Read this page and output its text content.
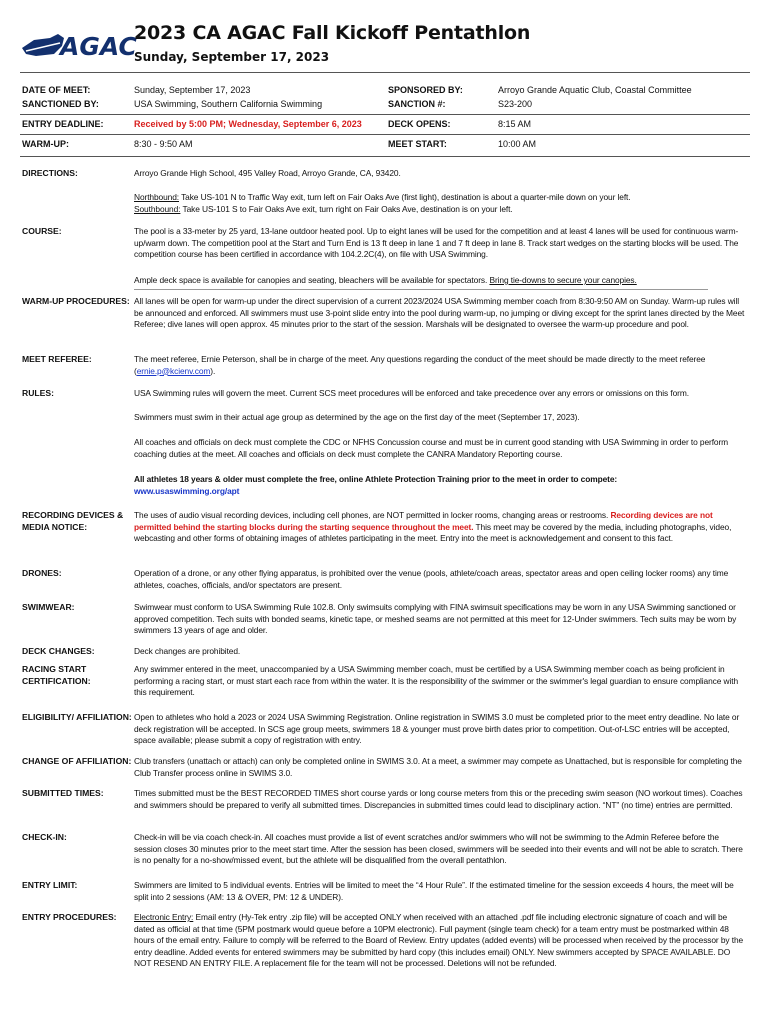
AGAC
2023 CA AGAC Fall Kickoff Pentathlon
Sunday, September 17, 2023
DATE OF MEET:	Sunday, September 17, 2023	SPONSORED BY:	Arroyo Grande Aquatic Club, Coastal Committee
SANCTIONED BY:	USA Swimming, Southern California Swimming	SANCTION #:	S23-200
ENTRY DEADLINE:	Received by 5:00 PM; Wednesday, September 6, 2023	DECK OPENS:	8:15 AM
WARM-UP:	8:30 - 9:50 AM	MEET START:	10:00 AM
DIRECTIONS:	Arroyo Grande High School, 495 Valley Road, Arroyo Grande, CA, 93420.
Northbound: Take US-101 N to Traffic Way exit, turn left on Fair Oaks Ave (first light), destination is about a quarter-mile down on your left.
Southbound: Take US-101 S to Fair Oaks Ave exit, turn right on Fair Oaks Ave, destination is on your left.
COURSE:	The pool is a 33-meter by 25 yard, 13-lane outdoor heated pool. Up to eight lanes will be used for the competition and at least 4 lanes will be used for continuous warm-up/warm down. The competition pool at the Start and Turn End is 13 ft deep in lane 1 and 7 ft deep in lane 8. Track start wedges on the starting blocks will be used. The competition course has been certified in accordance with 104.2.2C(4), on file with USA Swimming.
Ample deck space is available for canopies and seating, bleachers will be available for spectators. Bring tie-downs to secure your canopies.
WARM-UP PROCEDURES: All lanes will be open for warm-up under the direct supervision of a current 2023/2024 USA Swimming member coach from 8:30-9:50 AM on Sunday. Warm-up rules will be announced and enforced. All swimmers must use 3-point slide entry into the pool during warm-up, no jumping or diving except for the sprint lanes directed by the Meet Referee; dive lanes will open approx. 45 minutes prior to the start of the session. Marshals will be designated to oversee the warm-up procedure and pool.
MEET REFEREE:	The meet referee, Ernie Peterson, shall be in charge of the meet. Any questions regarding the conduct of the meet should be made directly to the meet referee (ernie.p@kcienv.com).
RULES:	USA Swimming rules will govern the meet. Current SCS meet procedures will be enforced and take precedence over any errors or omissions on this form.
Swimmers must swim in their actual age group as determined by the age on the first day of the meet (September 17, 2023).
All coaches and officials on deck must complete the CDC or NFHS Concussion course and must be in current good standing with USA Swimming in order to perform coaching duties at the meet. All coaches and officials on deck must complete the CANRA Mandatory Reporting course.
All athletes 18 years & older must complete the free, online Athlete Protection Training prior to the meet in order to compete:
www.usaswimming.org/apt
RECORDING DEVICES & MEDIA NOTICE:
The uses of audio visual recording devices, including cell phones, are NOT permitted in locker rooms, changing areas or restrooms. Recording devices are not permitted behind the starting blocks during the starting sequence throughout the meet. This meet may be covered by the media, including photographs, video, webcasting and other forms of obtaining images of athletes participating in the meet. Entry into the meet is acknowledgement and consent to this fact.
DRONES:	Operation of a drone, or any other flying apparatus, is prohibited over the venue (pools, athlete/coach areas, spectator areas and open ceiling locker rooms) any time athletes, coaches, officials, and/or spectators are present.
SWIMWEAR:	Swimwear must conform to USA Swimming Rule 102.8. Only swimsuits complying with FINA swimsuit specifications may be worn in any USA Swimming sanctioned or approved competition. Tech suits with bonded seams, kinetic tape, or meshed seams are not permitted at this meet for 12-Under swimmers. Tech suits may be worn by swimmers 13 years of age and older.
DECK CHANGES:	Deck changes are prohibited.
RACING START CERTIFICATION:
Any swimmer entered in the meet, unaccompanied by a USA Swimming member coach, must be certified by a USA Swimming member coach as being proficient in performing a racing start, or must start each race from within the water. It is the responsibility of the swimmer or the swimmer's legal guardian to ensure compliance with this requirement.
ELIGIBILITY/ AFFILIATION: Open to athletes who hold a 2023 or 2024 USA Swimming Registration. Online registration in SWIMS 3.0 must be completed prior to the meet entry deadline. No late or deck registration will be accepted. In SCS age group meets, swimmers 18 & younger must prove birth dates prior to competition. Out-of-LSC entries will be accepted, space available; please submit a copy of registration with entry.
CHANGE OF AFFILIATION: Club transfers (unattach or attach) can only be completed online in SWIMS 3.0. At a meet, a swimmer may compete as Unattached, but is responsible for completing the Club Transfer process online in SWIMS 3.0.
SUBMITTED TIMES:	Times submitted must be the BEST RECORDED TIMES short course yards or long course meters from this or the preceding swim season (NO workout times). Coaches and swimmers should be prepared to verify all submitted times. Discrepancies in submitted times could lead to disciplinary action. “NT” (no time) entries are permitted.
CHECK-IN:	Check-in will be via coach check-in. All coaches must provide a list of event scratches and/or swimmers who will not be swimming to the Admin Referee before the session closes 30 minutes prior to the meet start time. After the session has been closed, swimmers will be seeded into their events and will not be able to scratch. There is no penalty for a no-show/missed event, but the athlete will be disqualified from the overall pentathlon.
ENTRY LIMIT:	Swimmers are limited to 5 individual events. Entries will be limited to meet the “4 Hour Rule”. If the estimated timeline for the session exceeds 4 hours, the meet will be split into 2 sessions (AM: 13 & OVER, PM: 12 & UNDER).
ENTRY PROCEDURES:	Electronic Entry: Email entry (Hy-Tek entry .zip file) will be accepted ONLY when received with an attached .pdf file including electronic signature of coach and will be dated as official at that time (5PM postmark would queue before a 10PM electronic). Full payment (single team check) for a team entry must be postmarked within 48 hours of the email entry. Failure to comply will be referred to the Board of Review. Entry updates (added events) will be processed when received by the processor by the entry deadline. Added events for entered swimmers may be submitted by hard copy (this includes email) ONLY. New swimmers accepted by SPACE AVAILABLE. DO NOT RESEND AN ENTRY FILE. A replacement file for the team will not be processed. Deletions will not be refunded.
